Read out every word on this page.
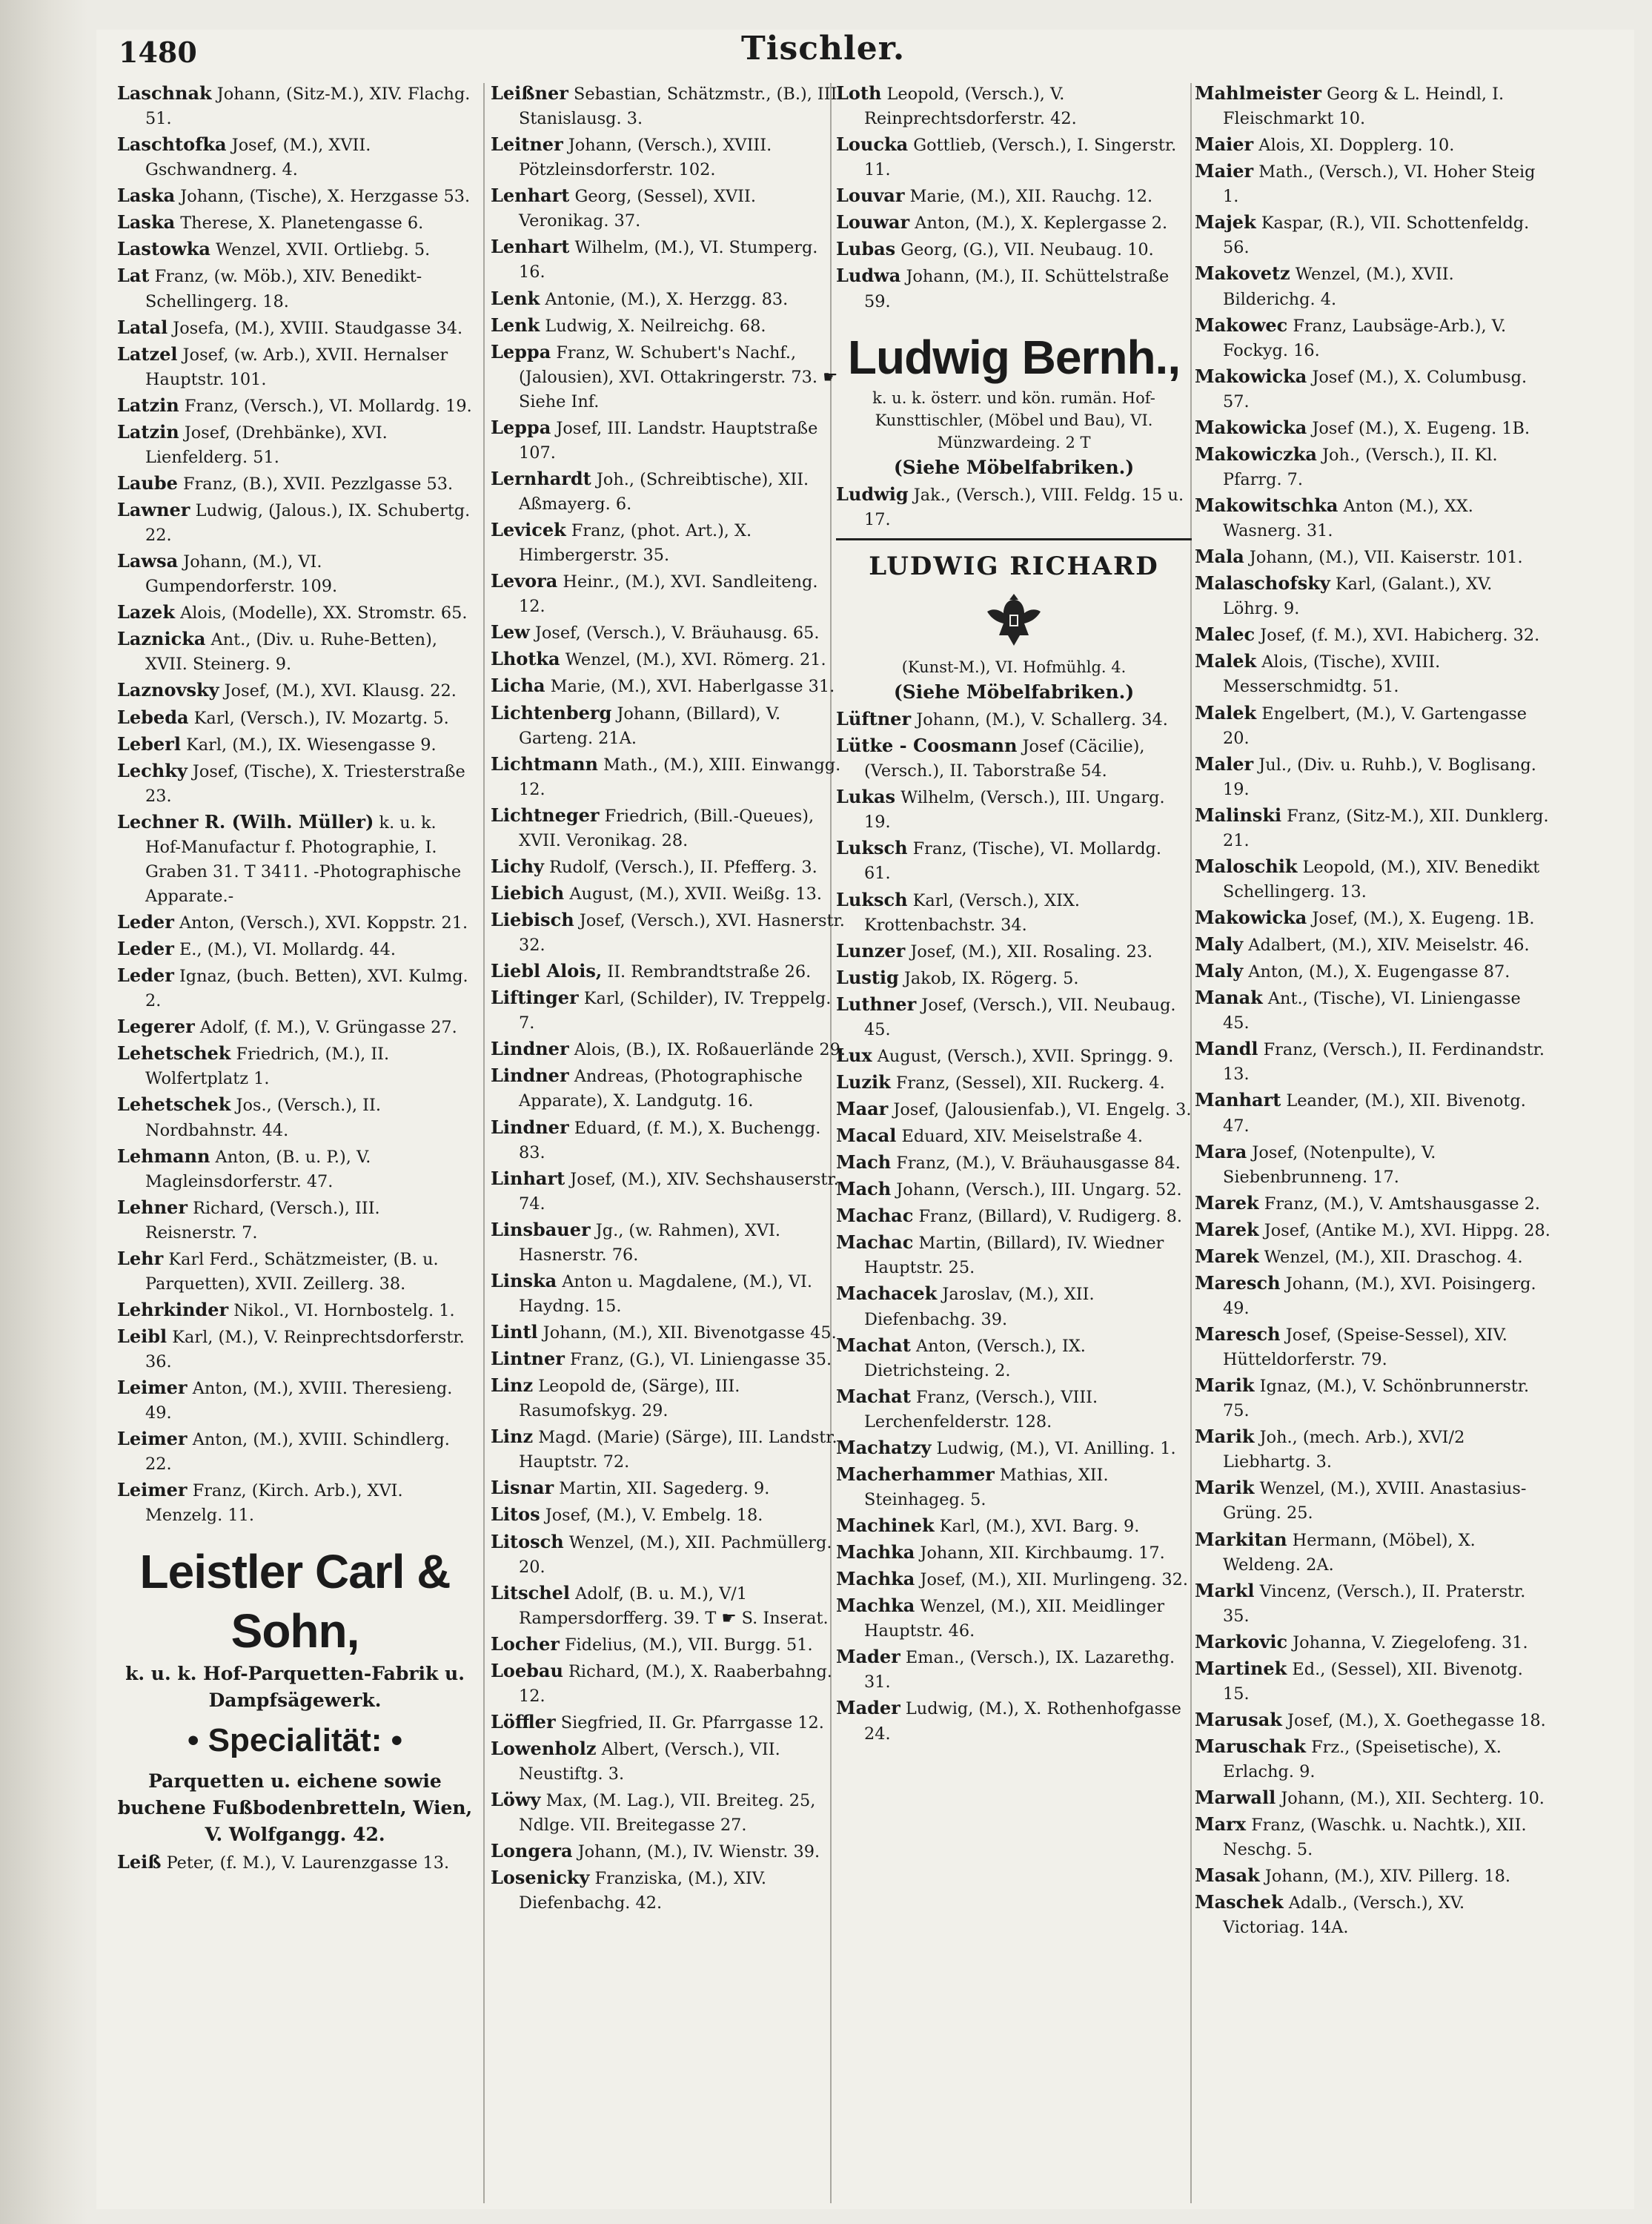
1480	Tischler.

Laschnak Johann, (Sitz-M.), XIV. Flachg. 51.

Laschtofka Josef, (M.), XVII. Gschwandnerg. 4.

Laska Johann, (Tische), X. Herzgasse 53.

Laska Therese, X. Planetengasse 6.

Lastowka Wenzel, XVII. Ortliebg. 5.

Lat Franz, (w. Möb.), XIV. Benedikt-Schellingerg. 18.

Latal Josefa, (M.), XVIII. Staudgasse 34.

Latzel Josef, (w. Arb.), XVII. Hernalser Hauptstr. 101.

Latzin Franz, (Versch.), VI. Mollardg. 19.

Latzin Josef, (Drehbänke), XVI. Lienfelderg. 51.

Laube Franz, (B.), XVII. Pezzlgasse 53.

Lawner Ludwig, (Jalous.), IX. Schubertg. 22.

Lawsa Johann, (M.), VI. Gumpendorferstr. 109.

Lazek Alois, (Modelle), XX. Stromstr. 65.

Laznicka Ant., (Div. u. Ruhe-Betten), XVII. Steinerg. 9.

Laznovsky Josef, (M.), XVI. Klausg. 22.

Lebeda Karl, (Versch.), IV. Mozartg. 5.

Leberl Karl, (M.), IX. Wiesengasse 9.

Lechky Josef, (Tische), X. Triesterstraße 23.

Lechner R. (Wilh. Müller) k. u. k. Hof-Manufactur f. Photographie, I. Graben 31. T 3411. -Photographische Apparate.-

Leder Anton, (Versch.), XVI. Koppstr. 21.

Leder E., (M.), VI. Mollardg. 44.

Leder Ignaz, (buch. Betten), XVI. Kulmg. 2.

Legerer Adolf, (f. M.), V. Grüngasse 27.

Lehetschek Friedrich, (M.), II. Wolfertplatz 1.

Lehetschek Jos., (Versch.), II. Nordbahnstr. 44.

Lehmann Anton, (B. u. P.), V. Magleinsdorferstr. 47.

Lehner Richard, (Versch.), III. Reisnerstr. 7.

Lehr Karl Ferd., Schätzmeister, (B. u. Parquetten), XVII. Zeillerg. 38.

Lehrkinder Nikol., VI. Hornbostelg. 1.

Leibl Karl, (M.), V. Reinprechtsdorferstr. 36.

Leimer Anton, (M.), XVIII. Theresieng. 49.

Leimer Anton, (M.), XVIII. Schindlerg. 22.

Leimer Franz, (Kirch. Arb.), XVI. Menzelg. 11.

Leistler Carl & Sohn,
k. u. k. Hof-Parquetten-Fabrik u. Dampfsägewerk.
• Specialität: •
Parquetten u. eichene sowie buchene Fußbodenbretteln, Wien, V. Wolfgangg. 42.

Leiß Peter, (f. M.), V. Laurenzgasse 13.

Leißner Sebastian, Schätzmstr., (B.), III. Stanislausg. 3.

Leitner Johann, (Versch.), XVIII. Pötzleinsdorferstr. 102.

Lenhart Georg, (Sessel), XVII. Veronikag. 37.

Lenhart Wilhelm, (M.), VI. Stumperg. 16.

Lenk Antonie, (M.), X. Herzgg. 83.

Lenk Ludwig, X. Neilreichg. 68.

Leppa Franz, W. Schubert's Nachf., (Jalousien), XVI. Ottakringerstr. 73. ☛ Siehe Inf.

Leppa Josef, III. Landstr. Hauptstraße 107.

Lernhardt Joh., (Schreibtische), XII. Aßmayerg. 6.

Levicek Franz, (phot. Art.), X. Himbergerstr. 35.

Levora Heinr., (M.), XVI. Sandleiteng. 12.

Lew Josef, (Versch.), V. Bräuhausg. 65.

Lhotka Wenzel, (M.), XVI. Römerg. 21.

Licha Marie, (M.), XVI. Haberlgasse 31.

Lichtenberg Johann, (Billard), V. Garteng. 21A.

Lichtmann Math., (M.), XIII. Einwangg. 12.

Lichtneger Friedrich, (Bill.-Queues), XVII. Veronikag. 28.

Lichy Rudolf, (Versch.), II. Pfefferg. 3.

Liebich August, (M.), XVII. Weißg. 13.

Liebisch Josef, (Versch.), XVI. Hasnerstr. 32.

Liebl Alois, II. Rembrandtstraße 26.

Liftinger Karl, (Schilder), IV. Treppelg. 7.

Lindner Alois, (B.), IX. Roßauerlände 29.

Lindner Andreas, (Photographische Apparate), X. Landgutg. 16.

Lindner Eduard, (f. M.), X. Buchengg. 83.

Linhart Josef, (M.), XIV. Sechshauserstr. 74.

Linsbauer Jg., (w. Rahmen), XVI. Hasnerstr. 76.

Linska Anton u. Magdalene, (M.), VI. Haydng. 15.

Lintl Johann, (M.), XII. Bivenotgasse 45.

Lintner Franz, (G.), VI. Liniengasse 35.

Linz Leopold de, (Särge), III. Rasumofskyg. 29.

Linz Magd. (Marie) (Särge), III. Landstr. Hauptstr. 72.

Lisnar Martin, XII. Sagederg. 9.

Litos Josef, (M.), V. Embelg. 18.

Litosch Wenzel, (M.), XII. Pachmüllerg. 20.

Litschel Adolf, (B. u. M.), V/1 Rampersdorfferg. 39. T ☛ S. Inserat.

Locher Fidelius, (M.), VII. Burgg. 51.

Loebau Richard, (M.), X. Raaberbahng. 12.

Löffler Siegfried, II. Gr. Pfarrgasse 12.

Lowenholz Albert, (Versch.), VII. Neustiftg. 3.

Löwy Max, (M. Lag.), VII. Breiteg. 25, Ndlge. VII. Breitegasse 27.

Longera Johann, (M.), IV. Wienstr. 39.

Losenicky Franziska, (M.), XIV. Diefenbachg. 42.

Loth Leopold, (Versch.), V. Reinprechtsdorferstr. 42.

Loucka Gottlieb, (Versch.), I. Singerstr. 11.

Louvar Marie, (M.), XII. Rauchg. 12.

Louwar Anton, (M.), X. Keplergasse 2.

Lubas Georg, (G.), VII. Neubaug. 10.

Ludwa Johann, (M.), II. Schüttelstraße 59.

Ludwig Bernh.,
k. u. k. österr. und kön. rumän. Hof-Kunsttischler, (Möbel und Bau), VI. Münzwardeing. 2 T
(Siehe Möbelfabriken.)

Ludwig Jak., (Versch.), VIII. Feldg. 15 u. 17.

LUDWIG RICHARD
(Kunst-M.), VI. Hofmühlg. 4.
(Siehe Möbelfabriken.)

Lüftner Johann, (M.), V. Schallerg. 34.

Lütke - Coosmann Josef (Cäcilie), (Versch.), II. Taborstraße 54.

Lukas Wilhelm, (Versch.), III. Ungarg. 19.

Luksch Franz, (Tische), VI. Mollardg. 61.

Luksch Karl, (Versch.), XIX. Krottenbachstr. 34.

Lunzer Josef, (M.), XII. Rosaling. 23.

Lustig Jakob, IX. Rögerg. 5.

Luthner Josef, (Versch.), VII. Neubaug. 45.

Lux August, (Versch.), XVII. Springg. 9.

Luzik Franz, (Sessel), XII. Ruckerg. 4.

Maar Josef, (Jalousienfab.), VI. Engelg. 3.

Macal Eduard, XIV. Meiselstraße 4.

Mach Franz, (M.), V. Bräuhausgasse 84.

Mach Johann, (Versch.), III. Ungarg. 52.

Machac Franz, (Billard), V. Rudigerg. 8.

Machac Martin, (Billard), IV. Wiedner Hauptstr. 25.

Machacek Jaroslav, (M.), XII. Diefenbachg. 39.

Machat Anton, (Versch.), IX. Dietrichsteing. 2.

Machat Franz, (Versch.), VIII. Lerchenfelderstr. 128.

Machatzy Ludwig, (M.), VI. Anilling. 1.

Macherhammer Mathias, XII. Steinhageg. 5.

Machinek Karl, (M.), XVI. Barg. 9.

Machka Johann, XII. Kirchbaumg. 17.

Machka Josef, (M.), XII. Murlingeng. 32.

Machka Wenzel, (M.), XII. Meidlinger Hauptstr. 46.

Mader Eman., (Versch.), IX. Lazarethg. 31.

Mader Ludwig, (M.), X. Rothenhofgasse 24.

Mahlmeister Georg & L. Heindl, I. Fleischmarkt 10.

Maier Alois, XI. Dopplerg. 10.

Maier Math., (Versch.), VI. Hoher Steig 1.

Majek Kaspar, (R.), VII. Schottenfeldg. 56.

Makovetz Wenzel, (M.), XVII. Bilderichg. 4.

Makowec Franz, Laubsäge-Arb.), V. Fockyg. 16.

Makowicka Josef (M.), X. Columbusg. 57.

Makowicka Josef (M.), X. Eugeng. 1B.

Makowiczka Joh., (Versch.), II. Kl. Pfarrg. 7.

Makowitschka Anton (M.), XX. Wasnerg. 31.

Mala Johann, (M.), VII. Kaiserstr. 101.

Malaschofsky Karl, (Galant.), XV. Löhrg. 9.

Malec Josef, (f. M.), XVI. Habicherg. 32.

Malek Alois, (Tische), XVIII. Messerschmidtg. 51.

Malek Engelbert, (M.), V. Gartengasse 20.

Maler Jul., (Div. u. Ruhb.), V. Boglisang. 19.

Malinski Franz, (Sitz-M.), XII. Dunklerg. 21.

Maloschik Leopold, (M.), XIV. Benedikt Schellingerg. 13.

Makowicka Josef, (M.), X. Eugeng. 1B.

Maly Adalbert, (M.), XIV. Meiselstr. 46.

Maly Anton, (M.), X. Eugengasse 87.

Manak Ant., (Tische), VI. Liniengasse 45.

Mandl Franz, (Versch.), II. Ferdinandstr. 13.

Manhart Leander, (M.), XII. Bivenotg. 47.

Mara Josef, (Notenpulte), V. Siebenbrunneng. 17.

Marek Franz, (M.), V. Amtshausgasse 2.

Marek Josef, (Antike M.), XVI. Hippg. 28.

Marek Wenzel, (M.), XII. Draschog. 4.

Maresch Johann, (M.), XVI. Poisingerg. 49.

Maresch Josef, (Speise-Sessel), XIV. Hütteldorferstr. 79.

Marik Ignaz, (M.), V. Schönbrunnerstr. 75.

Marik Joh., (mech. Arb.), XVI/2 Liebhartg. 3.

Marik Wenzel, (M.), XVIII. Anastasius-Grüng. 25.

Markitan Hermann, (Möbel), X. Weldeng. 2A.

Markl Vincenz, (Versch.), II. Praterstr. 35.

Markovic Johanna, V. Ziegelofeng. 31.

Martinek Ed., (Sessel), XII. Bivenotg. 15.

Marusak Josef, (M.), X. Goethegasse 18.

Maruschak Frz., (Speisetische), X. Erlachg. 9.

Marwall Johann, (M.), XII. Sechterg. 10.

Marx Franz, (Waschk. u. Nachtk.), XII. Neschg. 5.

Masak Johann, (M.), XIV. Pillerg. 18.

Maschek Adalb., (Versch.), XV. Victoriag. 14A.
